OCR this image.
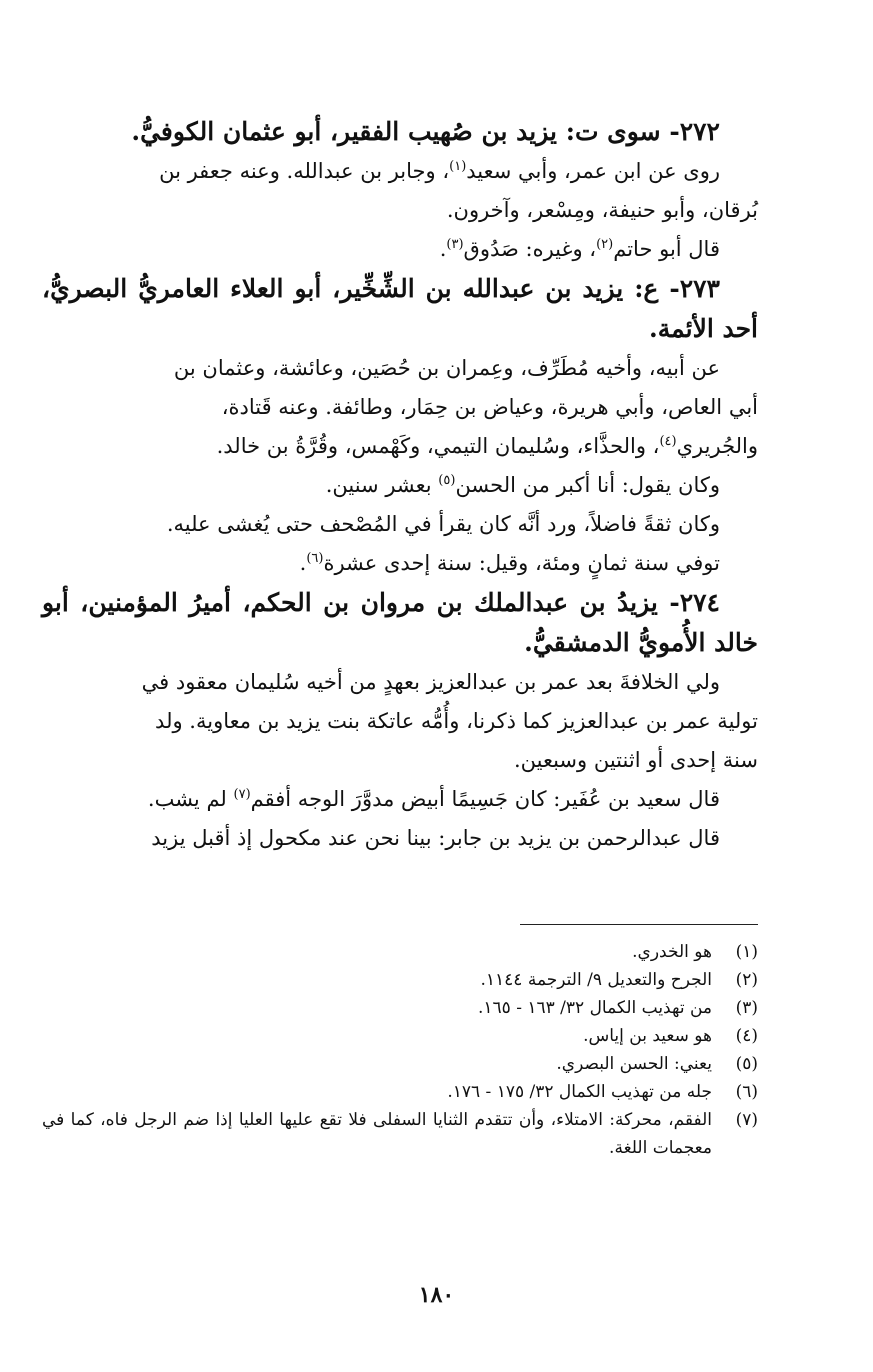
٢٧٢- سوى ت: يزيد بن صُهيب الفقير، أبو عثمان الكوفيُّ.

روى عن ابن عمر، وأبي سعيد$^{(١)}$، وجابر بن عبدالله. وعنه جعفر بن

بُرقان، وأبو حنيفة، ومِسْعر، وآخرون.

قال أبو حاتم$^{(٢)}$، وغيره: صَدُوق$^{(٣)}$.

٢٧٣- ع: يزيد بن عبدالله بن الشِّخِّير، أبو العلاء العامريُّ البصريُّ، أحد الأئمة.

عن أبيه، وأخيه مُطَرِّف، وعِمران بن حُصَين، وعائشة، وعثمان بن

أبي العاص، وأبي هريرة، وعياض بن حِمَار، وطائفة. وعنه قَتادة،

والجُريري$^{(٤)}$، والحذَّاء، وسُليمان التيمي، وكَهْمس، وقُرَّةُ بن خالد.

وكان يقول: أنا أكبر من الحسن$^{(٥)}$ بعشر سنين.

وكان ثقةً فاضلاً، ورد أنَّه كان يقرأ في المُصْحف حتى يُغشى عليه.

توفي سنة ثمانٍ ومئة، وقيل: سنة إحدى عشرة$^{(٦)}$.

٢٧٤- يزيدُ بن عبدالملك بن مروان بن الحكم، أميرُ المؤمنين، أبو خالد الأُمويُّ الدمشقيُّ.

ولي الخلافةَ بعد عمر بن عبدالعزيز بعهدٍ من أخيه سُليمان معقود في

تولية عمر بن عبدالعزيز كما ذكرنا، وأُمُّه عاتكة بنت يزيد بن معاوية. ولد

سنة إحدى أو اثنتين وسبعين.

قال سعيد بن عُفَير: كان جَسِيمًا أبيض مدوَّرَ الوجه أفقم$^{(٧)}$ لم يشب.

قال عبدالرحمن بن يزيد بن جابر: بينا نحن عند مكحول إذ أقبل يزيد

(١)
هو الخدري.
(٢)
الجرح والتعديل ٩/ الترجمة ١١٤٤.
(٣)
من تهذيب الكمال ٣٢/ ١٦٣ - ١٦٥.
(٤)
هو سعيد بن إياس.
(٥)
يعني: الحسن البصري.
(٦)
جله من تهذيب الكمال ٣٢/ ١٧٥ - ١٧٦.
(٧)
الفقم، محركة: الامتلاء، وأن تتقدم الثنايا السفلى فلا تقع عليها العليا إذا ضم الرجل فاه، كما في معجمات اللغة.
١٨٠
